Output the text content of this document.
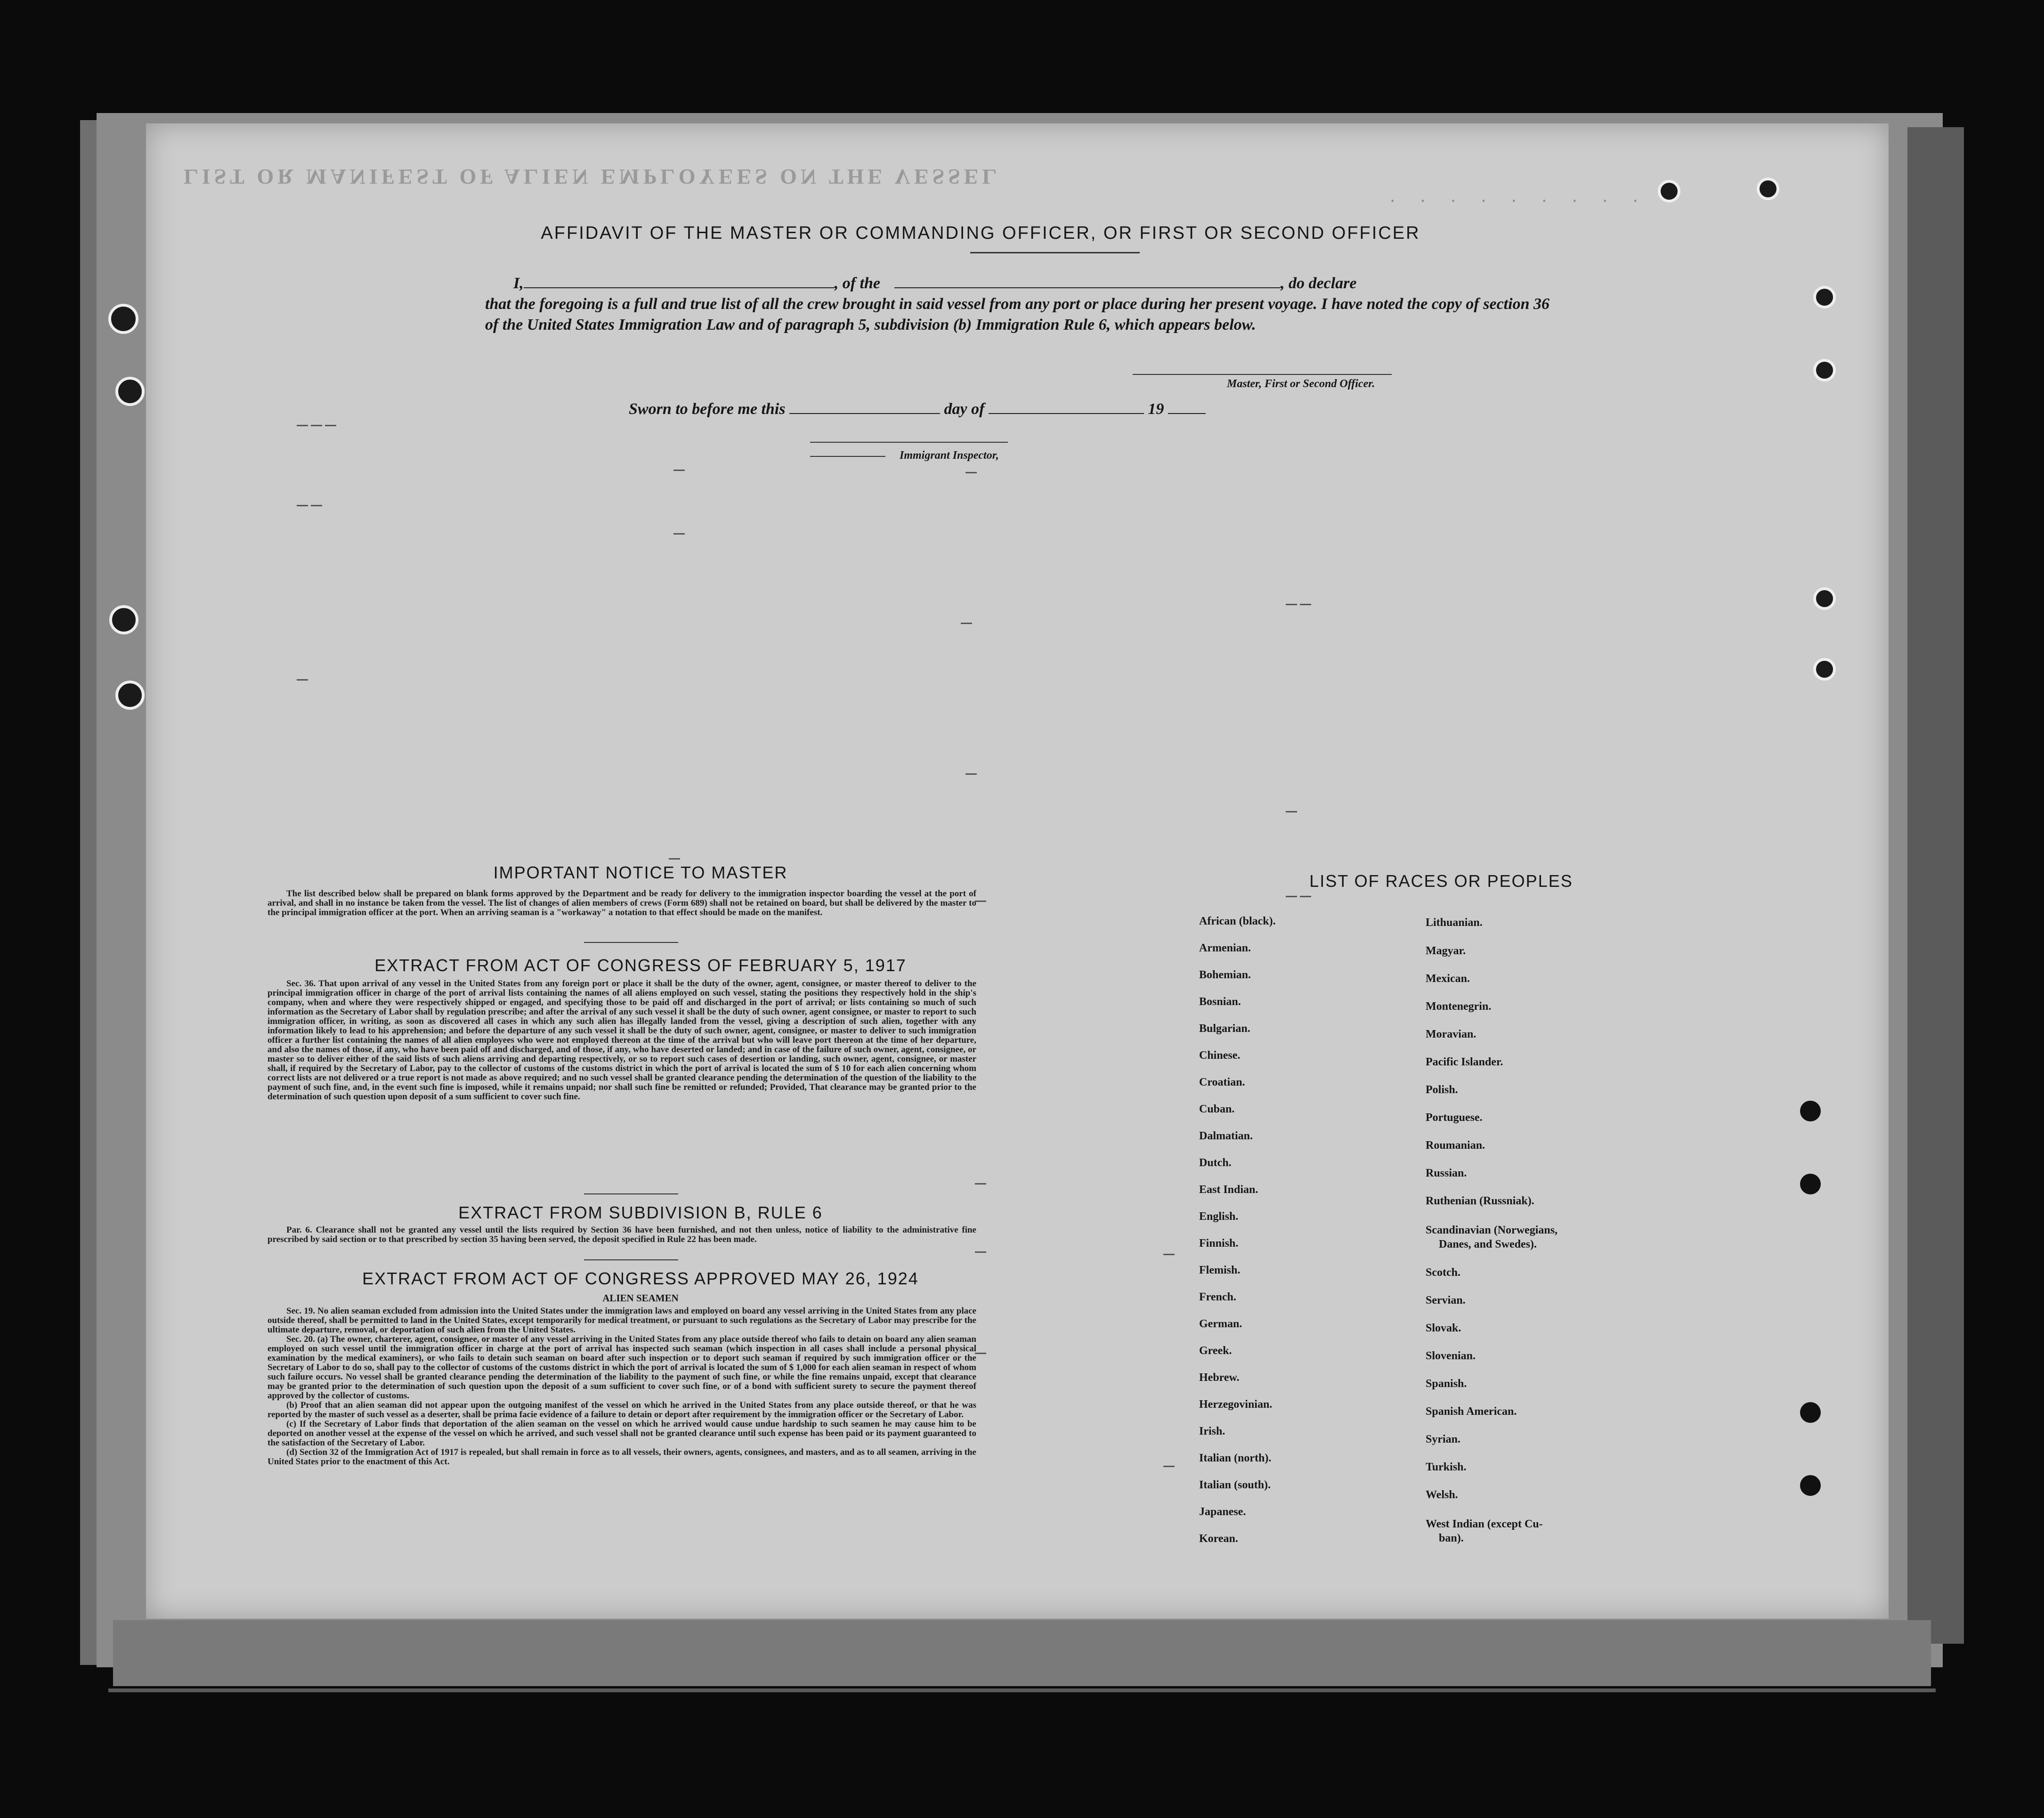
LIST OR MANIFEST OF ALIEN EMPLOYEES ON THE VESSEL
· · · · · · · · ·
AFFIDAVIT OF THE MASTER OR COMMANDING OFFICER, OR FIRST OR SECOND OFFICER
I,	, of the	, do declare
that the foregoing is a full and true list of all the crew brought in said vessel from any port or place during her present voyage. I have noted the copy of section 36 of the United States Immigration Law and of paragraph 5, subdivision (b) Immigration Rule 6, which appears below.
Master, First or Second Officer.
Sworn to before me this	day of	19
Immigrant Inspector,
IMPORTANT NOTICE TO MASTER

The list described below shall be prepared on blank forms approved by the Department and be ready for delivery to the immigration inspector boarding the vessel at the port of arrival, and shall in no instance be taken from the vessel. The list of changes of alien members of crews (Form 689) shall not be retained on board, but shall be delivered by the master to the principal immigration officer at the port. When an arriving seaman is a "workaway" a notation to that effect should be made on the manifest.

EXTRACT FROM ACT OF CONGRESS OF FEBRUARY 5, 1917

Sec. 36. That upon arrival of any vessel in the United States from any foreign port or place it shall be the duty of the owner, agent, consignee, or master thereof to deliver to the principal immigration officer in charge of the port of arrival lists containing the names of all aliens employed on such vessel, stating the positions they respectively hold in the ship's company, when and where they were respectively shipped or engaged, and specifying those to be paid off and discharged in the port of arrival; or lists containing so much of such information as the Secretary of Labor shall by regulation prescribe; and after the arrival of any such vessel it shall be the duty of such owner, agent consignee, or master to report to such immigration officer, in writing, as soon as discovered all cases in which any such alien has illegally landed from the vessel, giving a description of such alien, together with any information likely to lead to his apprehension; and before the departure of any such vessel it shall be the duty of such owner, agent, consignee, or master to deliver to such immigration officer a further list containing the names of all alien employees who were not employed thereon at the time of the arrival but who will leave port thereon at the time of her departure, and also the names of those, if any, who have been paid off and discharged, and of those, if any, who have deserted or landed; and in case of the failure of such owner, agent, consignee, or master so to deliver either of the said lists of such aliens arriving and departing respectively, or so to report such cases of desertion or landing, such owner, agent, consignee, or master shall, if required by the Secretary of Labor, pay to the collector of customs of the customs district in which the port of arrival is located the sum of $ 10 for each alien concerning whom correct lists are not delivered or a true report is not made as above required; and no such vessel shall be granted clearance pending the determination of the question of the liability to the payment of such fine, and, in the event such fine is imposed, while it remains unpaid; nor shall such fine be remitted or refunded; Provided, That clearance may be granted prior to the determination of such question upon deposit of a sum sufficient to cover such fine.

EXTRACT FROM SUBDIVISION B, RULE 6

Par. 6. Clearance shall not be granted any vessel until the lists required by Section 36 have been furnished, and not then unless, notice of liability to the administrative fine prescribed by said section or to that prescribed by section 35 having been served, the deposit specified in Rule 22 has been made.

EXTRACT FROM ACT OF CONGRESS APPROVED MAY 26, 1924
ALIEN SEAMEN

Sec. 19. No alien seaman excluded from admission into the United States under the immigration laws and employed on board any vessel arriving in the United States from any place outside thereof, shall be permitted to land in the United States, except temporarily for medical treatment, or pursuant to such regulations as the Secretary of Labor may prescribe for the ultimate departure, removal, or deportation of such alien from the United States.

Sec. 20. (a) The owner, charterer, agent, consignee, or master of any vessel arriving in the United States from any place outside thereof who fails to detain on board any alien seaman employed on such vessel until the immigration officer in charge at the port of arrival has inspected such seaman (which inspection in all cases shall include a personal physical examination by the medical examiners), or who fails to detain such seaman on board after such inspection or to deport such seaman if required by such immigration officer or the Secretary of Labor to do so, shall pay to the collector of customs of the customs district in which the port of arrival is located the sum of $ 1,000 for each alien seaman in respect of whom such failure occurs. No vessel shall be granted clearance pending the determination of the liability to the payment of such fine, or while the fine remains unpaid, except that clearance may be granted prior to the determination of such question upon the deposit of a sum sufficient to cover such fine, or of a bond with sufficient surety to secure the payment thereof approved by the collector of customs.

(b) Proof that an alien seaman did not appear upon the outgoing manifest of the vessel on which he arrived in the United States from any place outside thereof, or that he was reported by the master of such vessel as a deserter, shall be prima facie evidence of a failure to detain or deport after requirement by the immigration officer or the Secretary of Labor.

(c) If the Secretary of Labor finds that deportation of the alien seaman on the vessel on which he arrived would cause undue hardship to such seamen he may cause him to be deported on another vessel at the expense of the vessel on which he arrived, and such vessel shall not be granted clearance until such expense has been paid or its payment guaranteed to the satisfaction of the Secretary of Labor.

(d) Section 32 of the Immigration Act of 1917 is repealed, but shall remain in force as to all vessels, their owners, agents, consignees, and masters, and as to all seamen, arriving in the United States prior to the enactment of this Act.

LIST OF RACES OR PEOPLES
African (black).
Armenian.
Bohemian.
Bosnian.
Bulgarian.
Chinese.
Croatian.
Cuban.
Dalmatian.
Dutch.
East Indian.
English.
Finnish.
Flemish.
French.
German.
Greek.
Hebrew.
Herzegovinian.
Irish.
Italian (north).
Italian (south).
Japanese.
Korean.
Lithuanian.
Magyar.
Mexican.
Montenegrin.
Moravian.
Pacific Islander.
Polish.
Portuguese.
Roumanian.
Russian.
Ruthenian (Russniak).
Scandinavian (Norwegians,
Danes, and Swedes).
Scotch.
Servian.
Slovak.
Slovenian.
Spanish.
Spanish American.
Syrian.
Turkish.
Welsh.
West Indian (except Cu-
ban).
